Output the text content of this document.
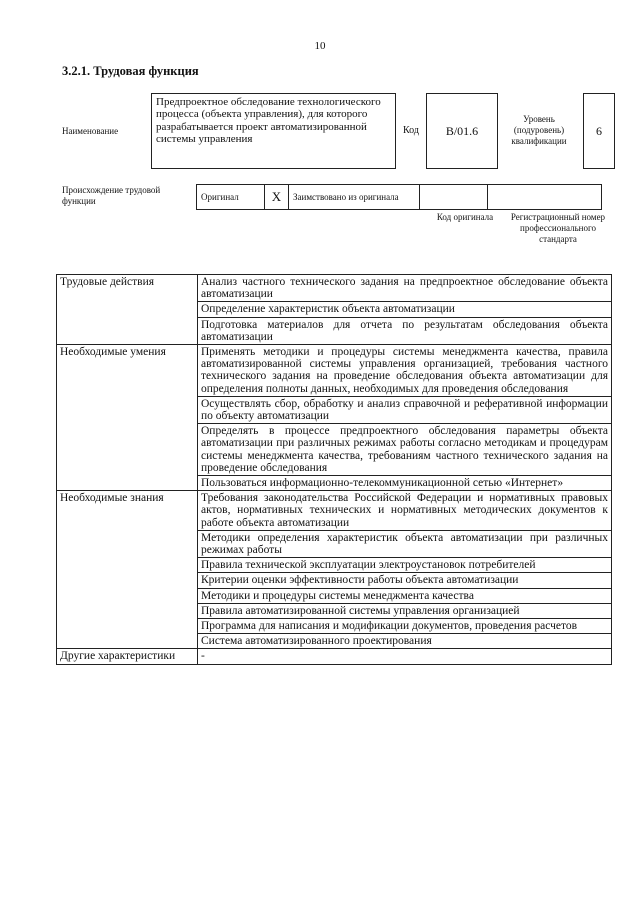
10
3.2.1. Трудовая функция
Наименование
Предпроектное обследование технологического процесса (объекта управления), для которого разрабатывается проект автоматизированной системы управления
Код	B/01.6
Уровень (подуровень) квалификации
6
Происхождение трудовой функции	Оригинал	X	Заимствовано из оригинала		
Код оригинала	Регистрационный номер профессионального стандарта
Трудовые действия	Анализ частного технического задания на предпроектное обследование объекта автоматизации
	Определение характеристик объекта автоматизации
	Подготовка материалов для отчета по результатам обследования объекта автоматизации
Необходимые умения	Применять методики и процедуры системы менеджмента качества, правила автоматизированной системы управления организацией, требования частного технического задания на проведение обследования объекта автоматизации для определения полноты данных, необходимых для проведения обследования
	Осуществлять сбор, обработку и анализ справочной и реферативной информации по объекту автоматизации
	Определять в процессе предпроектного обследования параметры объекта автоматизации при различных режимах работы согласно методикам и процедурам системы менеджмента качества, требованиям частного технического задания на проведение обследования
	Пользоваться информационно-телекоммуникационной сетью «Интернет»
Необходимые знания	Требования законодательства Российской Федерации и нормативных правовых актов, нормативных технических и нормативных методических документов к работе объекта автоматизации
	Методики определения характеристик объекта автоматизации при различных режимах работы
	Правила технической эксплуатации электроустановок потребителей
	Критерии оценки эффективности работы объекта автоматизации
	Методики и процедуры системы менеджмента качества
	Правила автоматизированной системы управления организацией
	Программа для написания и модификации документов, проведения расчетов
	Система автоматизированного проектирования
Другие характеристики	-
